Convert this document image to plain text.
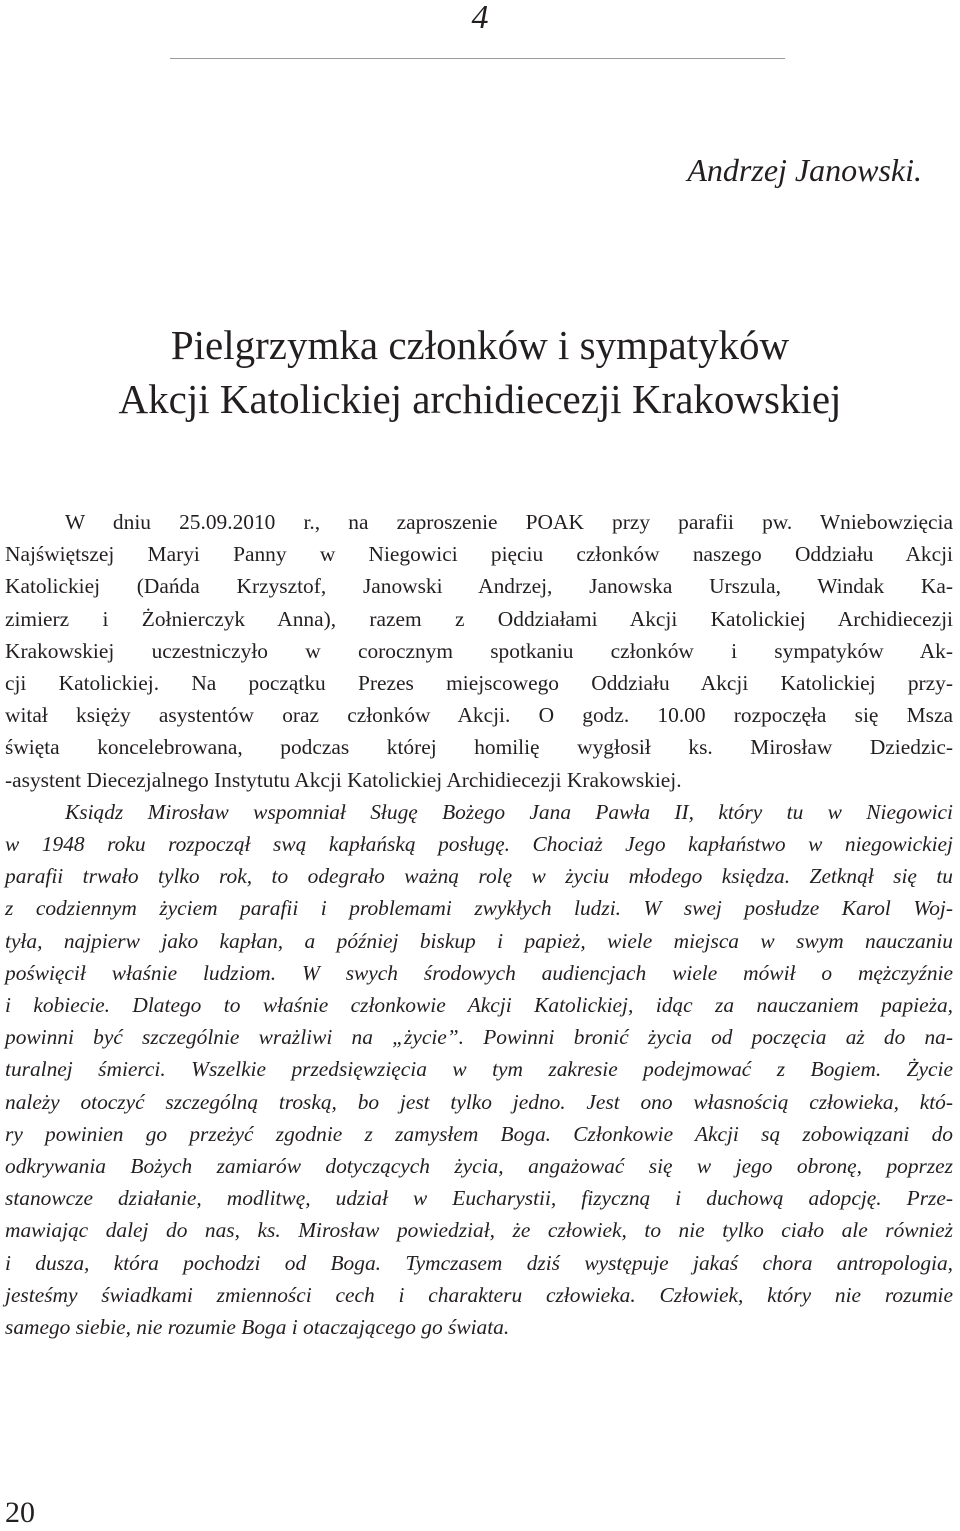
4
Andrzej Janowski.
Pielgrzymka członków i sympatyków
Akcji Katolickiej archidiecezji Krakowskiej
W dniu 25.09.2010 r., na zaproszenie POAK przy parafii pw. Wniebowzięcia
Najświętszej Maryi Panny w Niegowici pięciu członków naszego Oddziału Akcji
Katolickiej (Dańda Krzysztof, Janowski Andrzej, Janowska Urszula, Windak Ka-
zimierz i Żołnierczyk Anna), razem z Oddziałami Akcji Katolickiej Archidiecezji
Krakowskiej uczestniczyło w corocznym spotkaniu członków i sympatyków Ak-
cji Katolickiej. Na początku Prezes miejscowego Oddziału Akcji Katolickiej przy-
witał księży asystentów oraz członków Akcji. O godz. 10.00 rozpoczęła się Msza
święta koncelebrowana, podczas której homilię wygłosił ks. Mirosław Dziedzic-
-asystent Diecezjalnego Instytutu Akcji Katolickiej Archidiecezji Krakowskiej.
Ksiądz Mirosław wspomniał Sługę Bożego Jana Pawła II, który tu w Niegowici
w 1948 roku rozpoczął swą kapłańską posługę. Chociaż Jego kapłaństwo w niegowickiej
parafii trwało tylko rok, to odegrało ważną rolę w życiu młodego księdza. Zetknął się tu
z codziennym życiem parafii i problemami zwykłych ludzi. W swej posłudze Karol Woj-
tyła, najpierw jako kapłan, a później biskup i papież, wiele miejsca w swym nauczaniu
poświęcił właśnie ludziom. W swych środowych audiencjach wiele mówił o mężczyźnie
i kobiecie. Dlatego to właśnie członkowie Akcji Katolickiej, idąc za nauczaniem papieża,
powinni być szczególnie wrażliwi na „życie”. Powinni bronić życia od poczęcia aż do na-
turalnej śmierci. Wszelkie przedsięwzięcia w tym zakresie podejmować z Bogiem. Życie
należy otoczyć szczególną troską, bo jest tylko jedno. Jest ono własnością człowieka, któ-
ry powinien go przeżyć zgodnie z zamysłem Boga. Członkowie Akcji są zobowiązani do
odkrywania Bożych zamiarów dotyczących życia, angażować się w jego obronę, poprzez
stanowcze działanie, modlitwę, udział w Eucharystii, fizyczną i duchową adopcję. Prze-
mawiając dalej do nas, ks. Mirosław powiedział, że człowiek, to nie tylko ciało ale również
i dusza, która pochodzi od Boga. Tymczasem dziś występuje jakaś chora antropologia,
jesteśmy świadkami zmienności cech i charakteru człowieka. Człowiek, który nie rozumie
samego siebie, nie rozumie Boga i otaczającego go świata.
20
